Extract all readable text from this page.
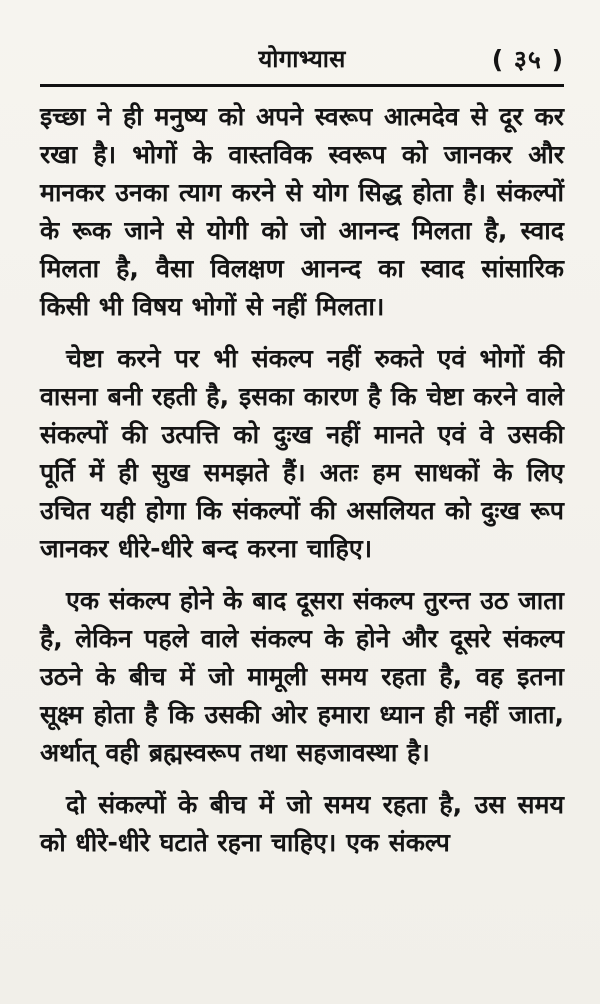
योगाभ्यास	( ३५ )

इच्छा ने ही मनुष्य को अपने स्वरूप आत्मदेव से दूर कर रखा है। भोगों के वास्तविक स्वरूप को जानकर और मानकर उनका त्याग करने से योग सिद्ध होता है। संकल्पों के रूक जाने से योगी को जो आनन्द मिलता है, स्वाद मिलता है, वैसा विलक्षण आनन्द का स्वाद सांसारिक किसी भी विषय भोगों से नहीं मिलता।

चेष्टा करने पर भी संकल्प नहीं रुकते एवं भोगों की वासना बनी रहती है, इसका कारण है कि चेष्टा करने वाले संकल्पों की उत्पत्ति को दुःख नहीं मानते एवं वे उसकी पूर्ति में ही सुख समझते हैं। अतः हम साधकों के लिए उचित यही होगा कि संकल्पों की असलियत को दुःख रूप जानकर धीरे-धीरे बन्द करना चाहिए।

एक संकल्प होने के बाद दूसरा संकल्प तुरन्त उठ जाता है, लेकिन पहले वाले संकल्प के होने और दूसरे संकल्प उठने के बीच में जो मामूली समय रहता है, वह इतना सूक्ष्म होता है कि उसकी ओर हमारा ध्यान ही नहीं जाता, अर्थात् वही ब्रह्मस्वरूप तथा सहजावस्था है।

दो संकल्पों के बीच में जो समय रहता है, उस समय को धीरे-धीरे घटाते रहना चाहिए। एक संकल्प
